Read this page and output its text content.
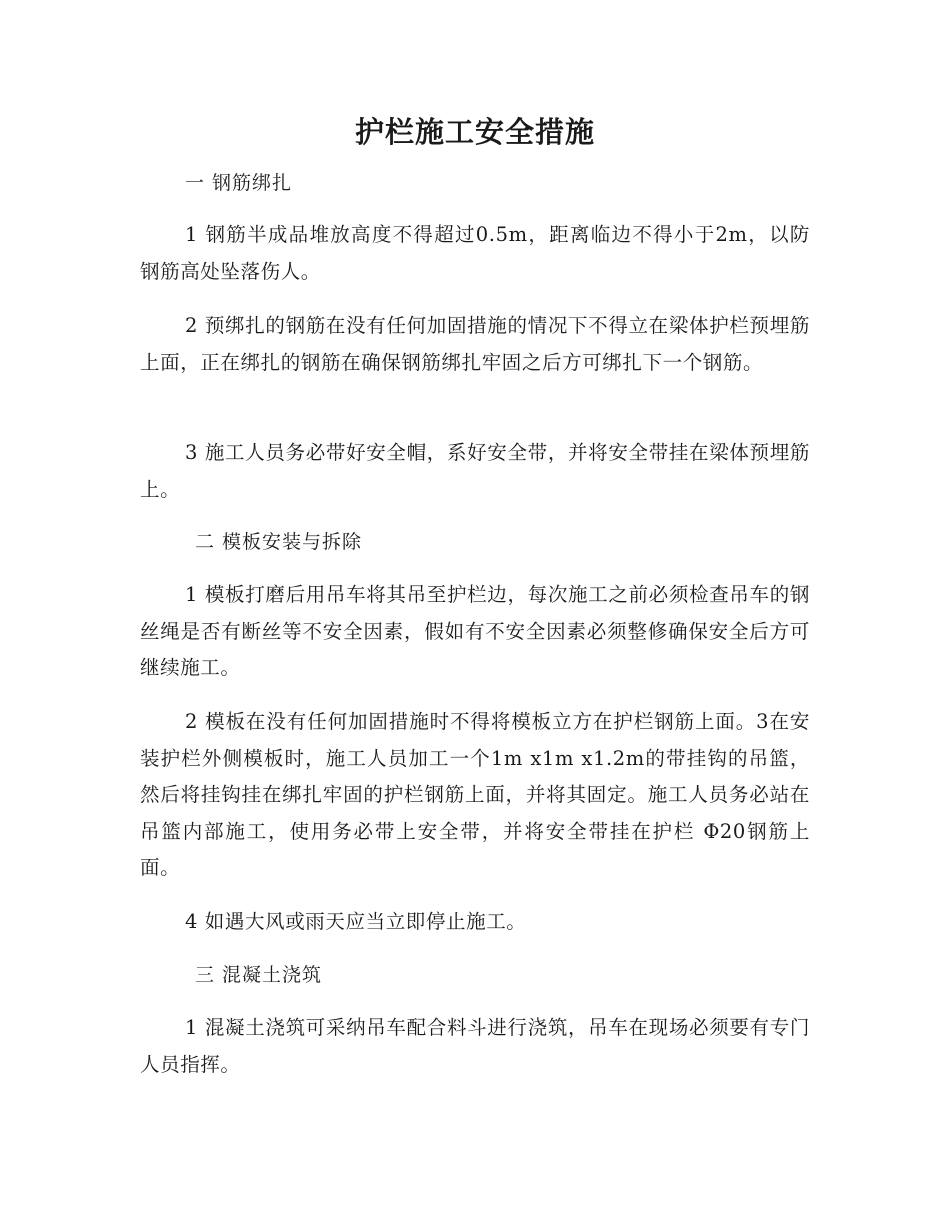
护栏施工安全措施
一 钢筋绑扎

1 钢筋半成品堆放高度不得超过0.5m，距离临边不得小于2m，以防钢筋高处坠落伤人。

2 预绑扎的钢筋在没有任何加固措施的情况下不得立在梁体护栏预埋筋上面，正在绑扎的钢筋在确保钢筋绑扎牢固之后方可绑扎下一个钢筋。

3 施工人员务必带好安全帽，系好安全带，并将安全带挂在梁体预埋筋上。

二 模板安装与拆除

1 模板打磨后用吊车将其吊至护栏边，每次施工之前必须检查吊车的钢丝绳是否有断丝等不安全因素，假如有不安全因素必须整修确保安全后方可继续施工。

2 模板在没有任何加固措施时不得将模板立方在护栏钢筋上面。3在安装护栏外侧模板时，施工人员加工一个1m x1m x1.2m的带挂钩的吊篮，然后将挂钩挂在绑扎牢固的护栏钢筋上面，并将其固定。施工人员务必站在吊篮内部施工，使用务必带上安全带，并将安全带挂在护栏 Φ20钢筋上面。

4 如遇大风或雨天应当立即停止施工。

三 混凝土浇筑

1 混凝土浇筑可采纳吊车配合料斗进行浇筑，吊车在现场必须要有专门人员指挥。
